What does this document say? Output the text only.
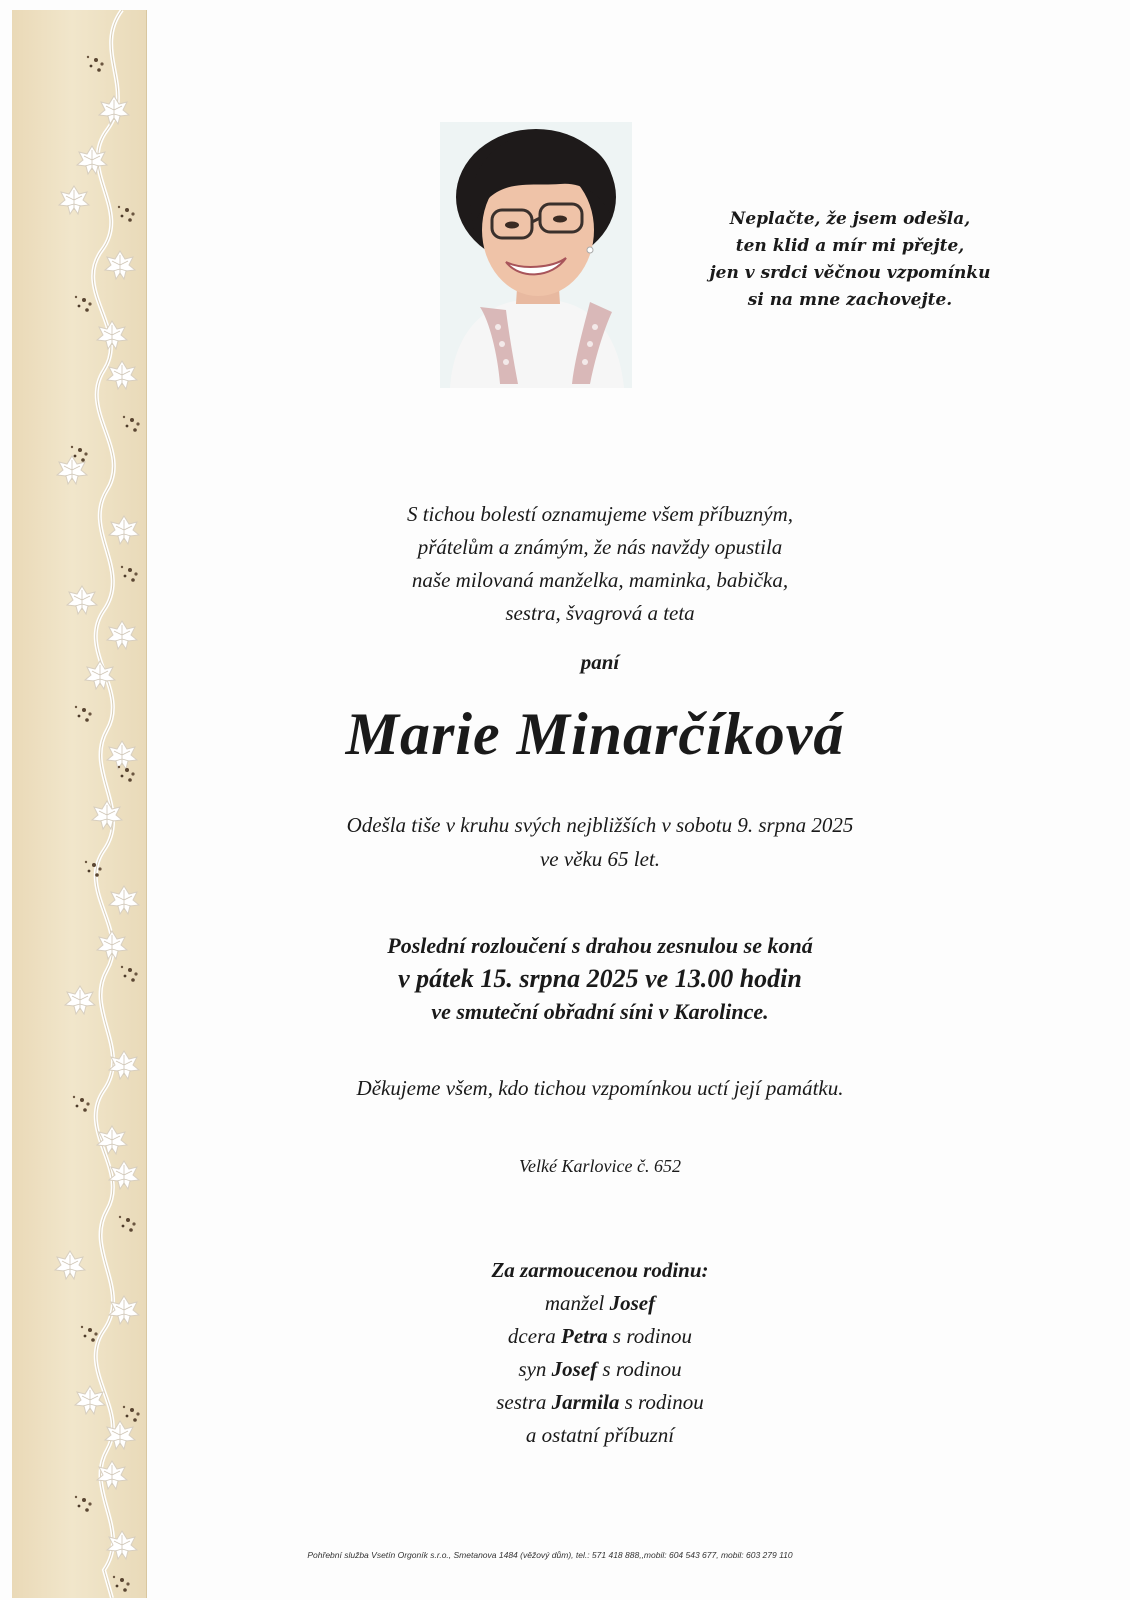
Neplačte, že jsem odešla,
ten klid a mír mi přejte,
jen v srdci věčnou vzpomínku
si na mne zachovejte.
S tichou bolestí oznamujeme všem příbuzným,
přátelům a známým, že nás navždy opustila
naše milovaná manželka, maminka, babička,
sestra, švagrová a teta
paní
Marie Minarčíková
Odešla tiše v kruhu svých nejbližších v sobotu 9. srpna 2025
ve věku 65 let.
Poslední rozloučení s drahou zesnulou se koná
v pátek 15. srpna 2025 ve 13.00 hodin
ve smuteční obřadní síni v Karolince.
Děkujeme všem, kdo tichou vzpomínkou uctí její památku.
Velké Karlovice č. 652
Za zarmoucenou rodinu:
manžel Josef
dcera Petra s rodinou
syn Josef s rodinou
sestra Jarmila s rodinou
a ostatní příbuzní
Pohřební služba Vsetín Orgoník s.r.o., Smetanova 1484 (věžový dům), tel.: 571 418 888,,mobil: 604 543 677, mobil: 603 279 110
